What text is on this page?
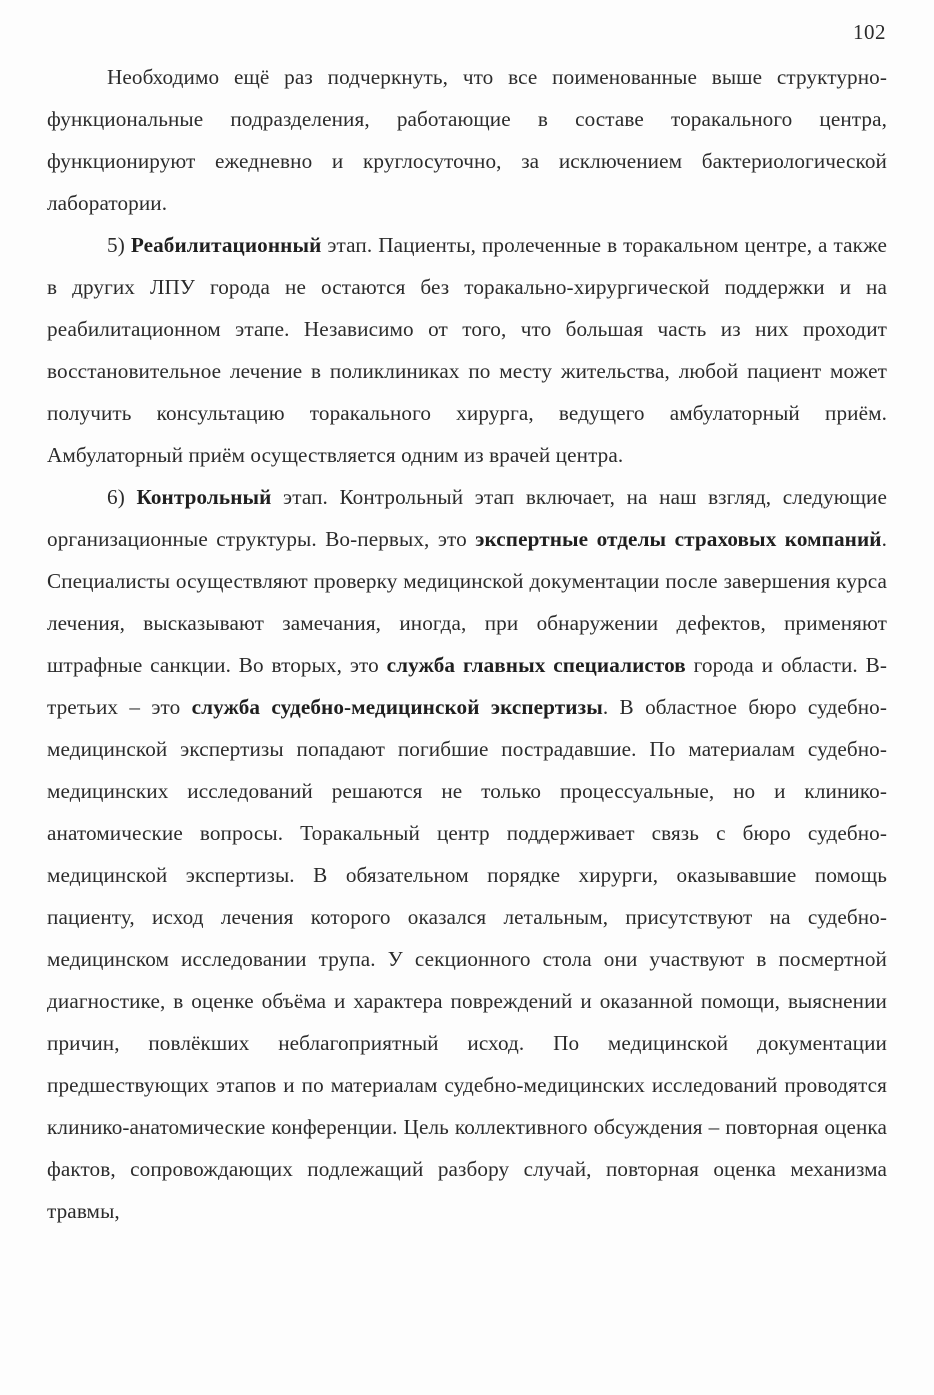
102

Необходимо ещё раз подчеркнуть, что все поименованные выше структурно-функциональные подразделения, работающие в составе торакального центра, функционируют ежедневно и круглосуточно, за исключением бактериологической лаборатории.

5) Реабилитационный этап. Пациенты, пролеченные в торакальном центре, а также в других ЛПУ города не остаются без торакально-хирургической поддержки и на реабилитационном этапе. Независимо от того, что большая часть из них проходит восстановительное лечение в поликлиниках по месту жительства, любой пациент может получить консультацию торакального хирурга, ведущего амбулаторный приём. Амбулаторный приём осуществляется одним из врачей центра.

6) Контрольный этап. Контрольный этап включает, на наш взгляд, следующие организационные структуры. Во-первых, это экспертные отделы страховых компаний. Специалисты осуществляют проверку медицинской документации после завершения курса лечения, высказывают замечания, иногда, при обнаружении дефектов, применяют штрафные санкции. Во вторых, это служба главных специалистов города и области. В-третьих – это служба судебно-медицинской экспертизы. В областное бюро судебно-медицинской экспертизы попадают погибшие пострадавшие. По материалам судебно-медицинских исследований решаются не только процессуальные, но и клинико-анатомические вопросы. Торакальный центр поддерживает связь с бюро судебно-медицинской экспертизы. В обязательном порядке хирурги, оказывавшие помощь пациенту, исход лечения которого оказался летальным, присутствуют на судебно-медицинском исследовании трупа. У секционного стола они участвуют в посмертной диагностике, в оценке объёма и характера повреждений и оказанной помощи, выяснении причин, повлёкших неблагоприятный исход. По медицинской документации предшествующих этапов и по материалам судебно-медицинских исследований проводятся клинико-анатомические конференции. Цель коллективного обсуждения – повторная оценка фактов, сопровождающих подлежащий разбору случай, повторная оценка механизма травмы,
